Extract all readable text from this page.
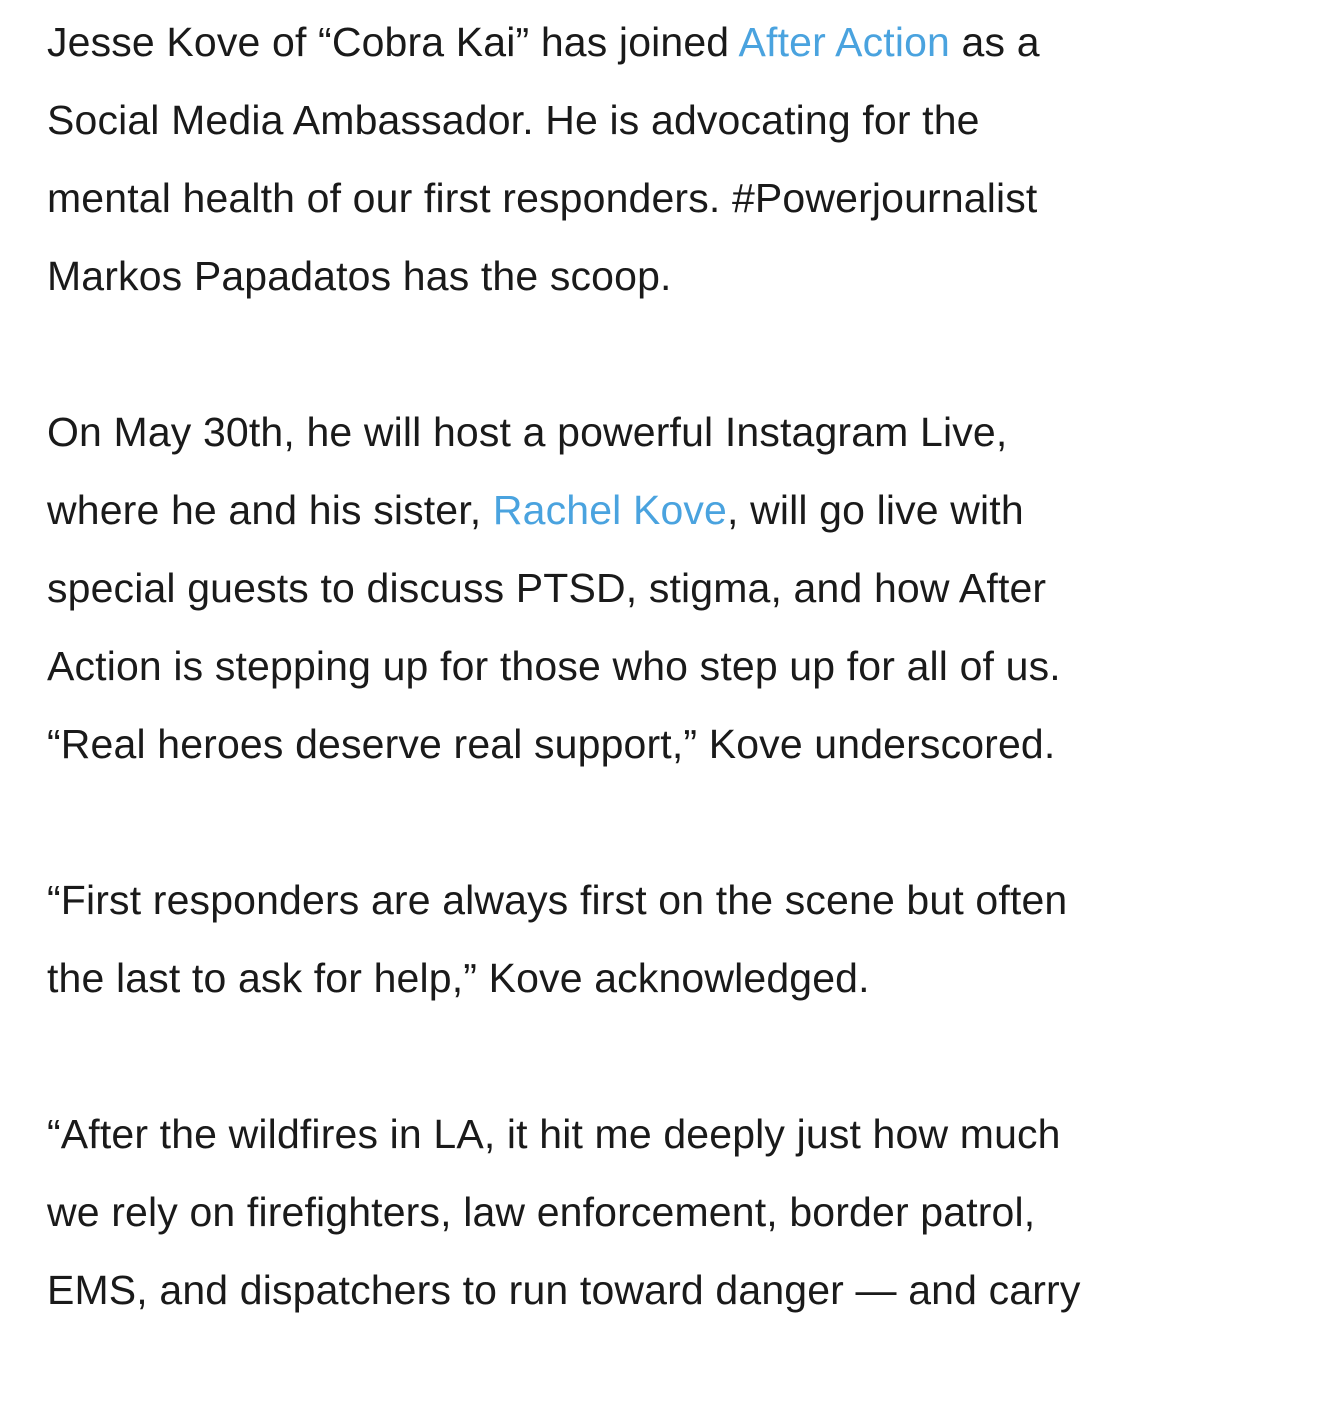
Jesse Kove of “Cobra Kai” has joined After Action as a
Social Media Ambassador. He is advocating for the
mental health of our first responders. #Powerjournalist
Markos Papadatos has the scoop.

On May 30th, he will host a powerful Instagram Live,
where he and his sister, Rachel Kove, will go live with
special guests to discuss PTSD, stigma, and how After
Action is stepping up for those who step up for all of us.
“Real heroes deserve real support,” Kove underscored.

“First responders are always first on the scene but often
the last to ask for help,” Kove acknowledged.

“After the wildfires in LA, it hit me deeply just how much
we rely on firefighters, law enforcement, border patrol,
EMS, and dispatchers to run toward danger — and carry
